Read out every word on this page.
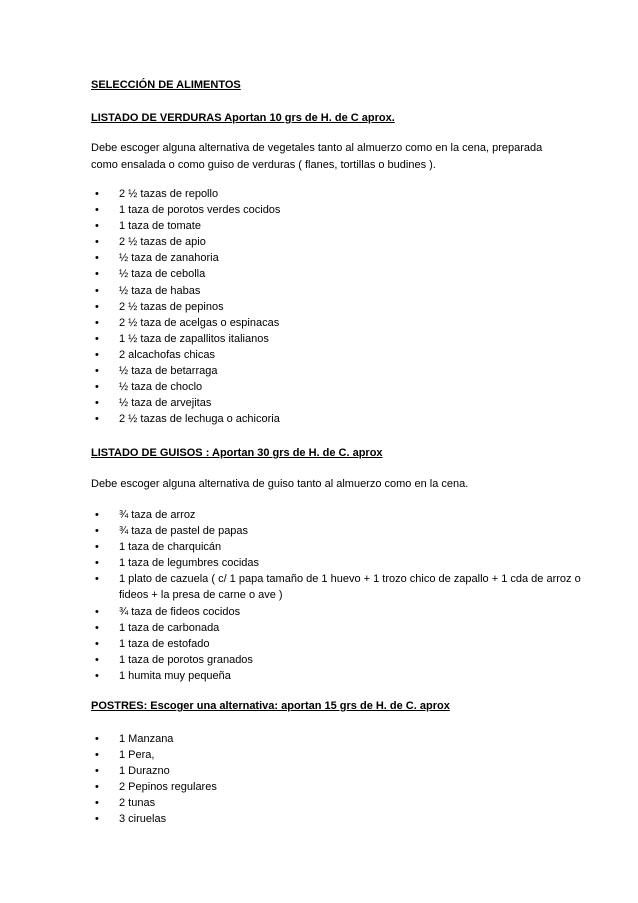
SELECCIÓN DE ALIMENTOS
LISTADO DE VERDURAS Aportan 10 grs de H. de C aprox.
Debe escoger alguna alternativa de vegetales tanto al almuerzo como en la cena, preparada como ensalada o como guiso de verduras ( flanes, tortillas o budines ).
• 2 ½ tazas de repollo
• 1 taza de porotos verdes cocidos
• 1 taza de tomate
• 2 ½ tazas de apio
• ½ taza de zanahoria
• ½ taza de cebolla
• ½ taza de habas
• 2 ½ tazas de pepinos
• 2 ½ taza de acelgas o espinacas
• 1 ½ taza de zapallitos italianos
• 2 alcachofas chicas
• ½ taza de betarraga
• ½ taza de choclo
• ½ taza de arvejitas
• 2 ½ tazas de lechuga o achicoria
LISTADO DE GUISOS : Aportan 30 grs de H. de C. aprox
Debe escoger alguna alternativa de guiso tanto al almuerzo como en la cena.
• ¾ taza de arroz
• ¾ taza de pastel de papas
• 1 taza de charquicán
• 1 taza de legumbres cocidas
• 1 plato de cazuela ( c/ 1 papa tamaño de 1 huevo + 1 trozo chico de zapallo + 1 cda de arroz o fideos + la presa de carne o ave )
• ¾ taza de fideos cocidos
• 1 taza de carbonada
• 1 taza de estofado
• 1 taza de porotos granados
• 1 humita muy pequeña
POSTRES: Escoger una alternativa: aportan 15 grs de H. de C. aprox
• 1 Manzana
• 1 Pera,
• 1 Durazno
• 2 Pepinos regulares
• 2 tunas
• 3 ciruelas
